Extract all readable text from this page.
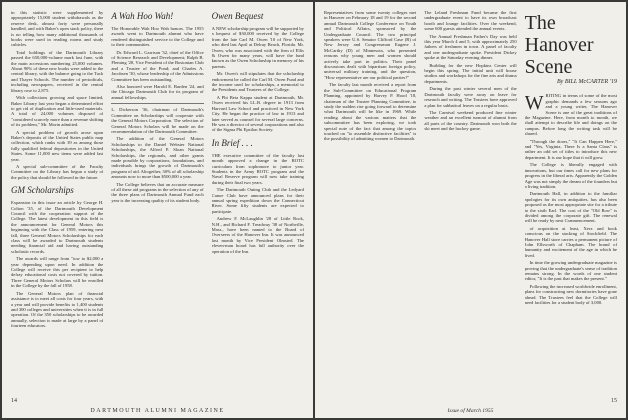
in this statistic were supplemented by appropriately 15,000 student withdrawals as the reserve desk, almost forty were personally handled, and with Baker's open stack policy, there is no telling how many additional thousands of books were used in reading rooms and study cubicles.

Total holdings of the Dartmouth Library passed the 650,000-volume mark last June, with the main accessions numbering 25,000 volumes. About 90% of these new books were added to the central library, with the balance going to the Tuck and Thayer Schools. The number of periodicals, including newspapers, received in the central library rose to 2,875.

With collections growing and space limited, Baker Library last year began a determined effort to get rid of duplication and little-used materials. A total of 24,000 volumes disposed of "considered scarcely more than a revenue shifting of its problem," Mr. Morin admitted.

A special problem of growth arose upon Baker's deposits of the United States public map collection, which ranks with 39 as among those fully qualified federal depositories in the United States. Some 11,000 new items were added last year.

A special sub-committee of the Faculty Committee on the Library has begun a study of the policy that should be followed in the future.

GM Scholarships

Expansion in this issue an article by George H. Colton '35, of the Dartmouth Development Council with the cooperation support of the College. The latest development in this field is the announcement for General Motors this beginning with the Class of 1959, entering next fall, three General Motors Scholarships for each class will be awarded to Dartmouth students needing financial aid and having outstanding scholastic records.

The awards will range from "tow to $2,000 a year depending upon need. In addition the College will receive this per recipient to help defray educational costs not covered by tuition. Three General Motors Scholars will be enrolled in the College by the fall of 1958.

The General Motors plan of financial assistance is to meet all costs for four years, with a year and will provide benefits to 1,400 students and 300 colleges and universities when it is in full operation. Of the 350 scholarships to be awarded annually, selection is made at large by a panel of fourteen educators.

A Wah Hoo Wah!

The Honorable Wah Hoo Wah honors. The 1955 awards went to Dartmouth alumni who have rendered distinguished service to the College and to their communities.

Dr. Edward L. Garrison '32, chief of the Office of Science Research and Development; Ralph B. Fleming '28, Vice President of the Bostonian Club and a Trustee of the Pond; and Charles A. Jacobsen '30, whose leadership of the Admissions Committee has been outstanding.

Also honored were Harold E. Barden '24, and the Chicago Dartmouth Club for its program of annual fellowships.

L. Dickerson '36, chairman of Dartmouth's Committee on Scholarships will cooperate with the General Motors Corporation. The selection of General Motors Scholars will be made on the recommendation of the Dartmouth Committee.

The addition of the General Motors Scholarships to the Daniel Webster National Scholarships, the Alfred P. Sloan National Scholarships, the regionals, and other grants made possible by corporations, foundations, and individuals brings the growth of Dartmouth's program of aid. Altogether, 30% of all scholarship amounts now to more than $500,000 a year.

The College believes that an accurate measure of all these aid programs in the selection of any of the three plans of Dartmouth Annual Fund each year is the increasing quality of its student body.

Owen Bequest

A NEW scholarship program will be supported by a bequest of $30,000 received by the College from the late Carl M. Owen '10 of New York, who died last April at Delray Beach, Florida. Mr. Owen, who was associated with the firm of Ellis & Owen for many years, will have the fund known as the Owen Scholarship in memory of his parents.

Mr. Owen's will stipulates that the scholarship endowment be called the Carl M. Owen Fund and the income used for scholarships, a memorial to the Presidents and Trustees of the College.

A Phi Beta Kappa student at Dartmouth, Mr. Owen received his LL.B. degree in 1913 from Harvard Law School and practiced in New York City. He began the practice of law in 1913 and later served as counsel for several large concerns. He was a director of several corporations and also of the Sigma Phi Epsilon Society.

In Brief . . .

THE executive committee of the faculty last month approved a change in the ROTC curriculum from sophomore to junior year. Students in the Army ROTC program and the Naval Reserve program will now take training during their final two years.

The Dartmouth Outing Club and the Ledyard Canoe Club have announced plans for their annual spring expedition down the Connecticut River. Some fifty students are expected to participate.

Andrew F. McLaughlin '28 of Little Rock, N.H., and Richard F. Treadway '38 of Northville, Mass., have been named to the Board of Overseers of the Hanover Inn. It was announced last month by Vice President Olmsted. The eleven-man board has full authority over the operation of the Inn.

14
DARTMOUTH ALUMNI MAGAZINE

Representatives from some twenty colleges met in Hanover on February 18 and 19 for the second annual Dartmouth College Conference on Youth and Political Affairs, sponsored by the Undergraduate Council. The two principal speakers were U.S. Senator Clifford Case (R) of New Jersey and Congressman Eugene J. McCarthy (D) of Minnesota, who presented reasons why young men and women should actively take part in politics. Their panel discussions dealt with bipartisan foreign policy, universal military training, and the question, "How representative are our political parties?"

The faculty last month received a report from the Sub-Committee on Educational Program Planning, appointed by Harvey P. Hood '18, chairman of the Trustee Planning Committee, to study the sudden rise going forward to determine what Dartmouth will be like in 1969. While reading about the various matters that the subcommittee has been exploring, we took special note of the fact that among the topics touched on "to assemble distinctive facilities" is the possibility of admitting women to Dartmouth.

The Leland Freshman Fund became the first undergraduate event to have its own broadcast booth and lounge facilities. Over the weekend, some 600 guests attended the annual events.

The Annual Freshman Father's Day was held this year March 4 and 5, with approximately 250 fathers of freshmen in town. A panel of faculty and one undergraduate spoke. President Dickey spoke at the Saturday evening dinner.

Building for the new Hopkins Center will begin this spring. The initial unit will house studios and workshops for the fine arts and drama departments.

During the past winter several men of the Dartmouth faculty were away on leave for research and writing. The Trustees have approved a plan for sabbatical leaves on a regular basis.

The Carnival weekend produced fine winter weather and an excellent turnout of alumni from all parts of the country. Dartmouth won both the ski meet and the hockey game.

The Hanover Scene
By BILL McCARTER '19

WRITING in terms of some of the most graphic demands a few seasons ago and a young writer, The Hanover Scene is one of the great traditions of the Magazine. Here, from month to month, we shall attempt to describe life and doings on the campus. Before long the writing task will be shared.

"Through the doors," "It Can Happen Here," and "Yes, Virginia, There Is a Santa Claus" is rather an odd set of titles to introduce this new department. It is our hope that it will grow.

The College is liberally engaged with innovations, but our times call for new plans for progress in the liberal arts. Apparently the Golden Age was not simply the dream of the founders but a living tradition.

Dartmouth Hall, in addition to the familiar apologies for its own antiquities, has also been proposed as the most appropriate site for a tribute to the sixth Earl. The cost of the "Old Row" is divided among the corporate gift. The renewal will be ready by next Commencement.

of acquisition at least, Xerx and book conscious on the stacking of Stockfield. The Hanover Hall store carries a permanent picture of John Ellsworth of Chapham. The brand of humanity and excitement of the age in which he lived.

In time the growing undergraduate magazine is proving that the undergraduate's sense of tradition remains strong. In the words of one student editor, "It is the past that makes the present."

Following the increased worldwide enrollment, plans for constructing new dormitories have gone ahead. The Trustees feel that the College will need facilities for a student body of 3,000.

Issue of March 1955
15
